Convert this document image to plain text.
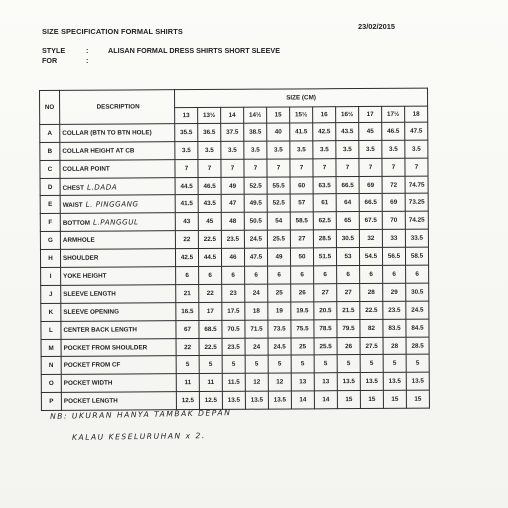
SIZE SPECIFICATION FORMAL SHIRTS
23/02/2015
STYLE	:	ALISAN FORMAL DRESS SHIRTS SHORT SLEEVE
FOR	:
NO	DESCRIPTION	SIZE (CM)										
		13	13½	14	14½	15	15½	16	16½	17	17½	18
A	COLLAR (BTN TO BTN HOLE)	35.5	36.5	37.5	38.5	40	41.5	42.5	43.5	45	46.5	47.5
B	COLLAR HEIGHT AT CB	3.5	3.5	3.5	3.5	3.5	3.5	3.5	3.5	3.5	3.5	3.5
C	COLLAR POINT	7	7	7	7	7	7	7	7	7	7	7
D	CHEST L.DADA	44.5	46.5	49	52.5	55.5	60	63.5	66.5	69	72	74.75
E	WAIST L. PINGGANG	41.5	43.5	47	49.5	52.5	57	61	64	66.5	69	73.25
F	BOTTOM L.PANGGUL	43	45	48	50.5	54	58.5	62.5	65	67.5	70	74.25
G	ARMHOLE	22	22.5	23.5	24.5	25.5	27	28.5	30.5	32	33	33.5
H	SHOULDER	42.5	44.5	46	47.5	49	50	51.5	53	54.5	56.5	58.5
I	YOKE HEIGHT	6	6	6	6	6	6	6	6	6	6	6
J	SLEEVE LENGTH	21	22	23	24	25	26	27	27	28	29	30.5
K	SLEEVE OPENING	16.5	17	17.5	18	19	19.5	20.5	21.5	22.5	23.5	24.5
L	CENTER BACK LENGTH	67	68.5	70.5	71.5	73.5	75.5	78.5	79.5	82	83.5	84.5
M	POCKET FROM SHOULDER	22	22.5	23.5	24	24.5	25	25.5	26	27.5	28	28.5
N	POCKET FROM CF	5	5	5	5	5	5	5	5	5	5	5
O	POCKET WIDTH	11	11	11.5	12	12	13	13	13.5	13.5	13.5	13.5
P	POCKET LENGTH	12.5	12.5	13.5	13.5	13.5	14	14	15	15	15	15
NB: UKURAN HANYA TAMBAK DEPAN
KALAU KESELURUHAN x 2.
